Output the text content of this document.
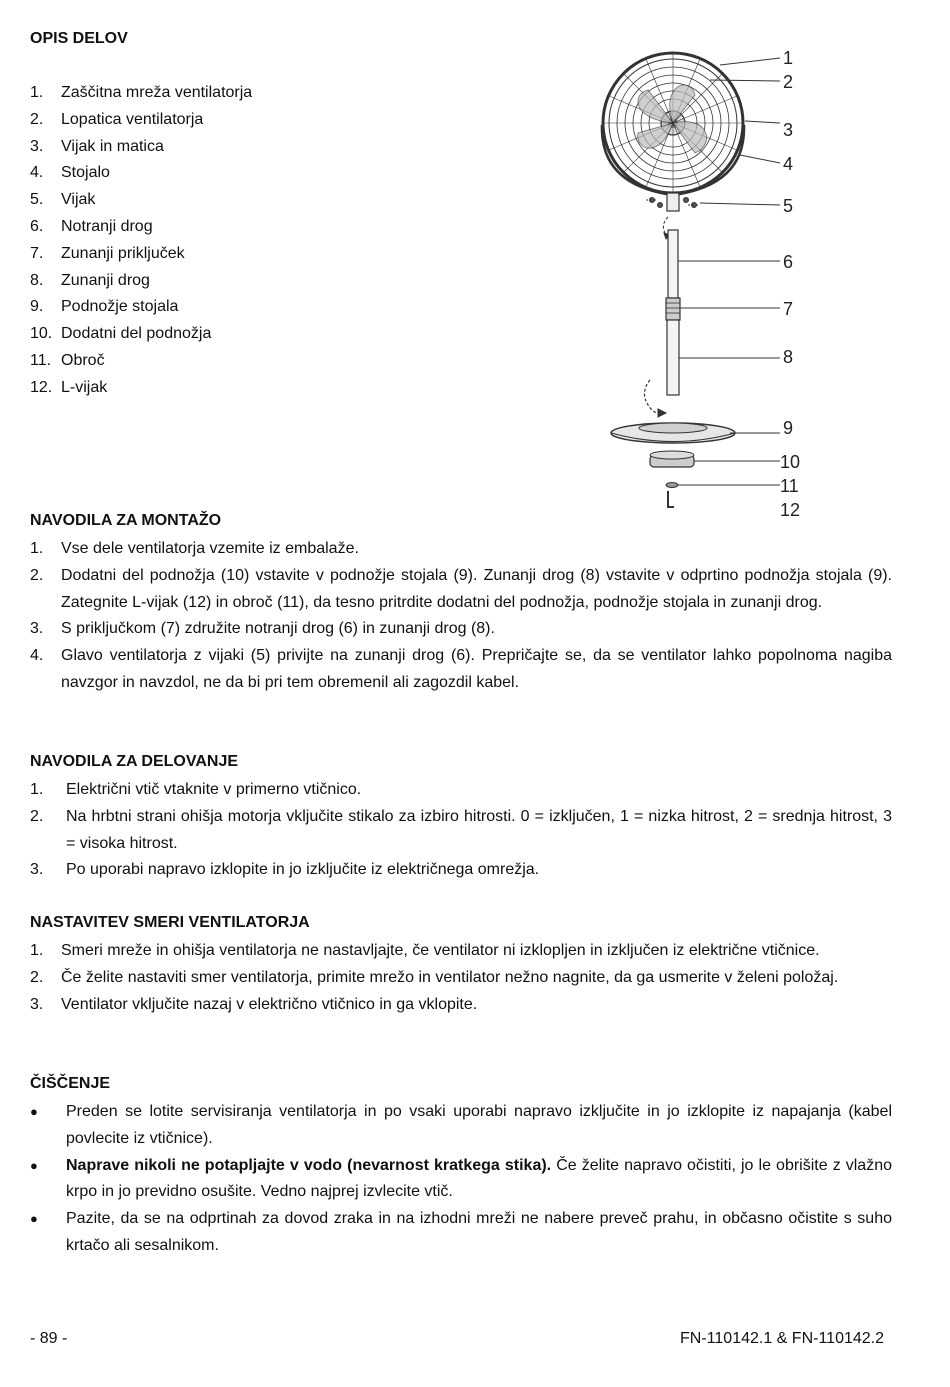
OPIS DELOV
1. Zaščitna mreža ventilatorja
2. Lopatica ventilatorja
3. Vijak in matica
4. Stojalo
5. Vijak
6. Notranji drog
7. Zunanji priključek
8. Zunanji drog
9. Podnožje stojala
10. Dodatni del podnožja
11. Obroč
12. L-vijak
1
2
3
4
5
6
7
8
9
10
11
12
NAVODILA ZA MONTAŽO
1. Vse dele ventilatorja vzemite iz embalaže.
2. Dodatni del podnožja (10) vstavite v podnožje stojala (9). Zunanji drog (8) vstavite v odprtino podnožja stojala (9). Zategnite L-vijak (12) in obroč (11), da tesno pritrdite dodatni del podnožja, podnožje stojala in zunanji drog.
3. S priključkom (7) združite notranji drog (6) in zunanji drog (8).
4. Glavo ventilatorja z vijaki (5) privijte na zunanji drog (6). Prepričajte se, da se ventilator lahko popolnoma nagiba navzgor in navzdol, ne da bi pri tem obremenil ali zagozdil kabel.
NAVODILA ZA DELOVANJE
1. Električni vtič vtaknite v primerno vtičnico.
2. Na hrbtni strani ohišja motorja vključite stikalo za izbiro hitrosti. 0 = izključen, 1 = nizka hitrost, 2 = srednja hitrost, 3 = visoka hitrost.
3. Po uporabi napravo izklopite in jo izključite iz električnega omrežja.
NASTAVITEV SMERI VENTILATORJA
1. Smeri mreže in ohišja ventilatorja ne nastavljajte, če ventilator ni izklopljen in izključen iz električne vtičnice.
2. Če želite nastaviti smer ventilatorja, primite mrežo in ventilator nežno nagnite, da ga usmerite v želeni položaj.
3. Ventilator vključite nazaj v električno vtičnico in ga vklopite.
ČIŠČENJE
● Preden se lotite servisiranja ventilatorja in po vsaki uporabi napravo izključite in jo izklopite iz napajanja (kabel povlecite iz vtičnice).
● Naprave nikoli ne potapljajte v vodo (nevarnost kratkega stika). Če želite napravo očistiti, jo le obrišite z vlažno krpo in jo previdno osušite. Vedno najprej izvlecite vtič.
● Pazite, da se na odprtinah za dovod zraka in na izhodni mreži ne nabere preveč prahu, in občasno očistite s suho krtačo ali sesalnikom.
- 89 -	FN-110142.1 & FN-110142.2
